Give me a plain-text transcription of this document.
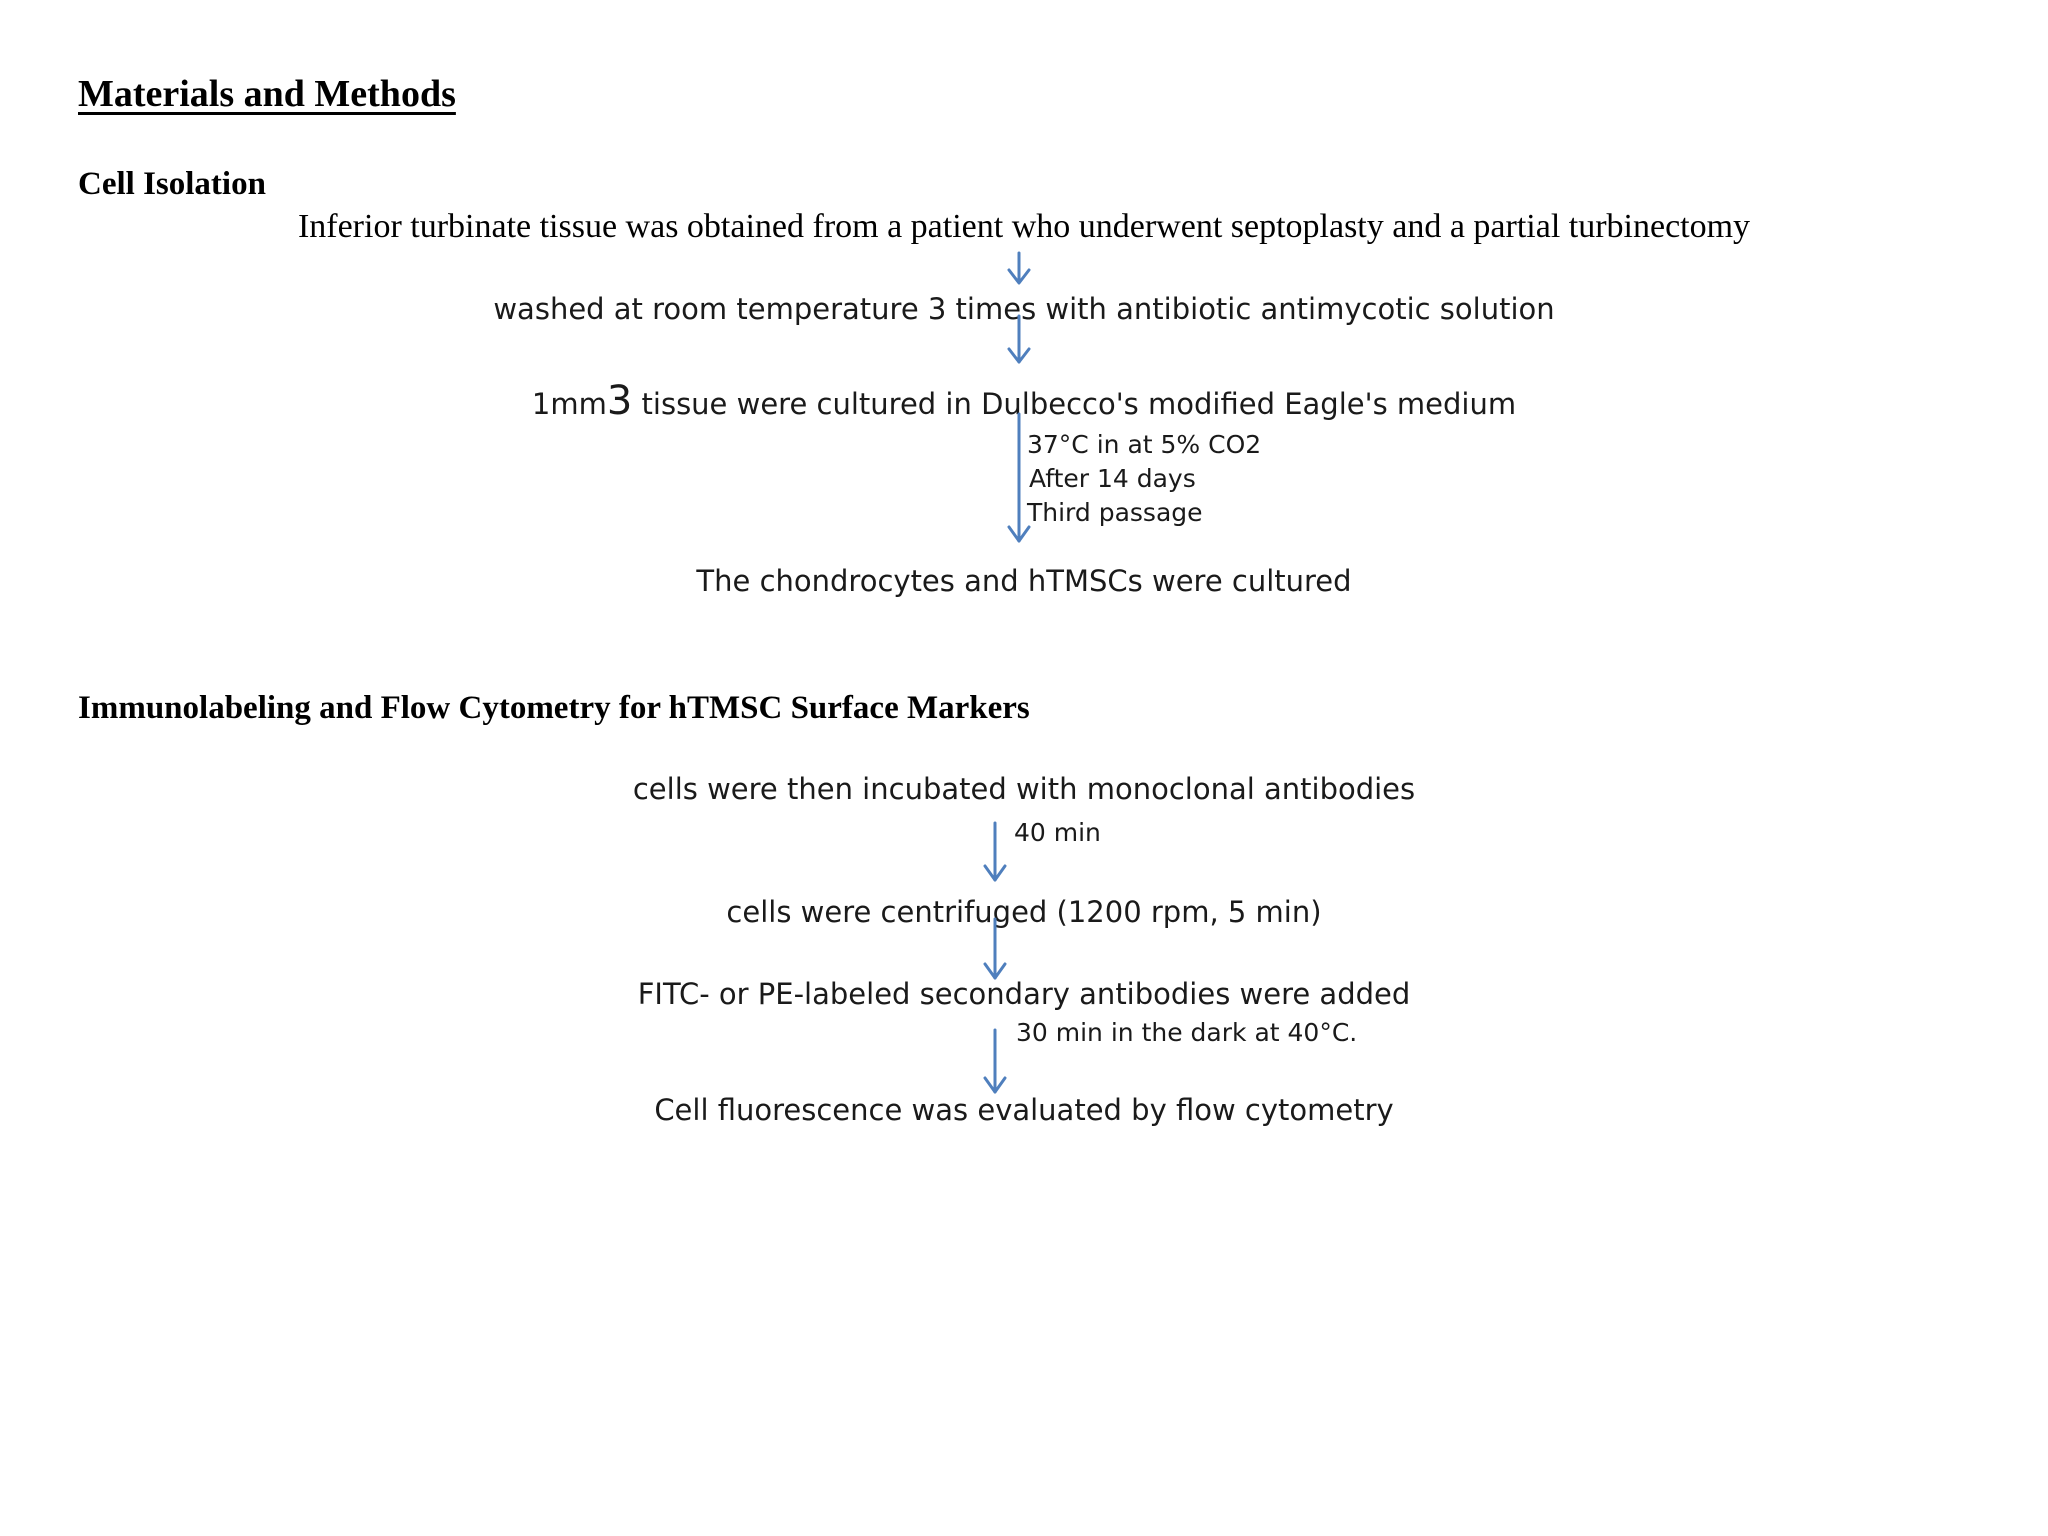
Materials and Methods
Cell Isolation
Inferior turbinate tissue was obtained from a patient who underwent septoplasty and a partial turbinectomy
washed at room temperature 3 times with antibiotic antimycotic solution
1mm3 tissue were cultured in Dulbecco's modified Eagle's medium
37°C in at 5% CO2
After 14 days
Third passage
The chondrocytes and hTMSCs were cultured
Immunolabeling and Flow Cytometry for hTMSC Surface Markers
cells were then incubated with monoclonal antibodies
40 min
cells were centrifuged (1200 rpm, 5 min)
FITC- or PE-labeled secondary antibodies were added
30 min in the dark at 40°C.
Cell fluorescence was evaluated by flow cytometry
